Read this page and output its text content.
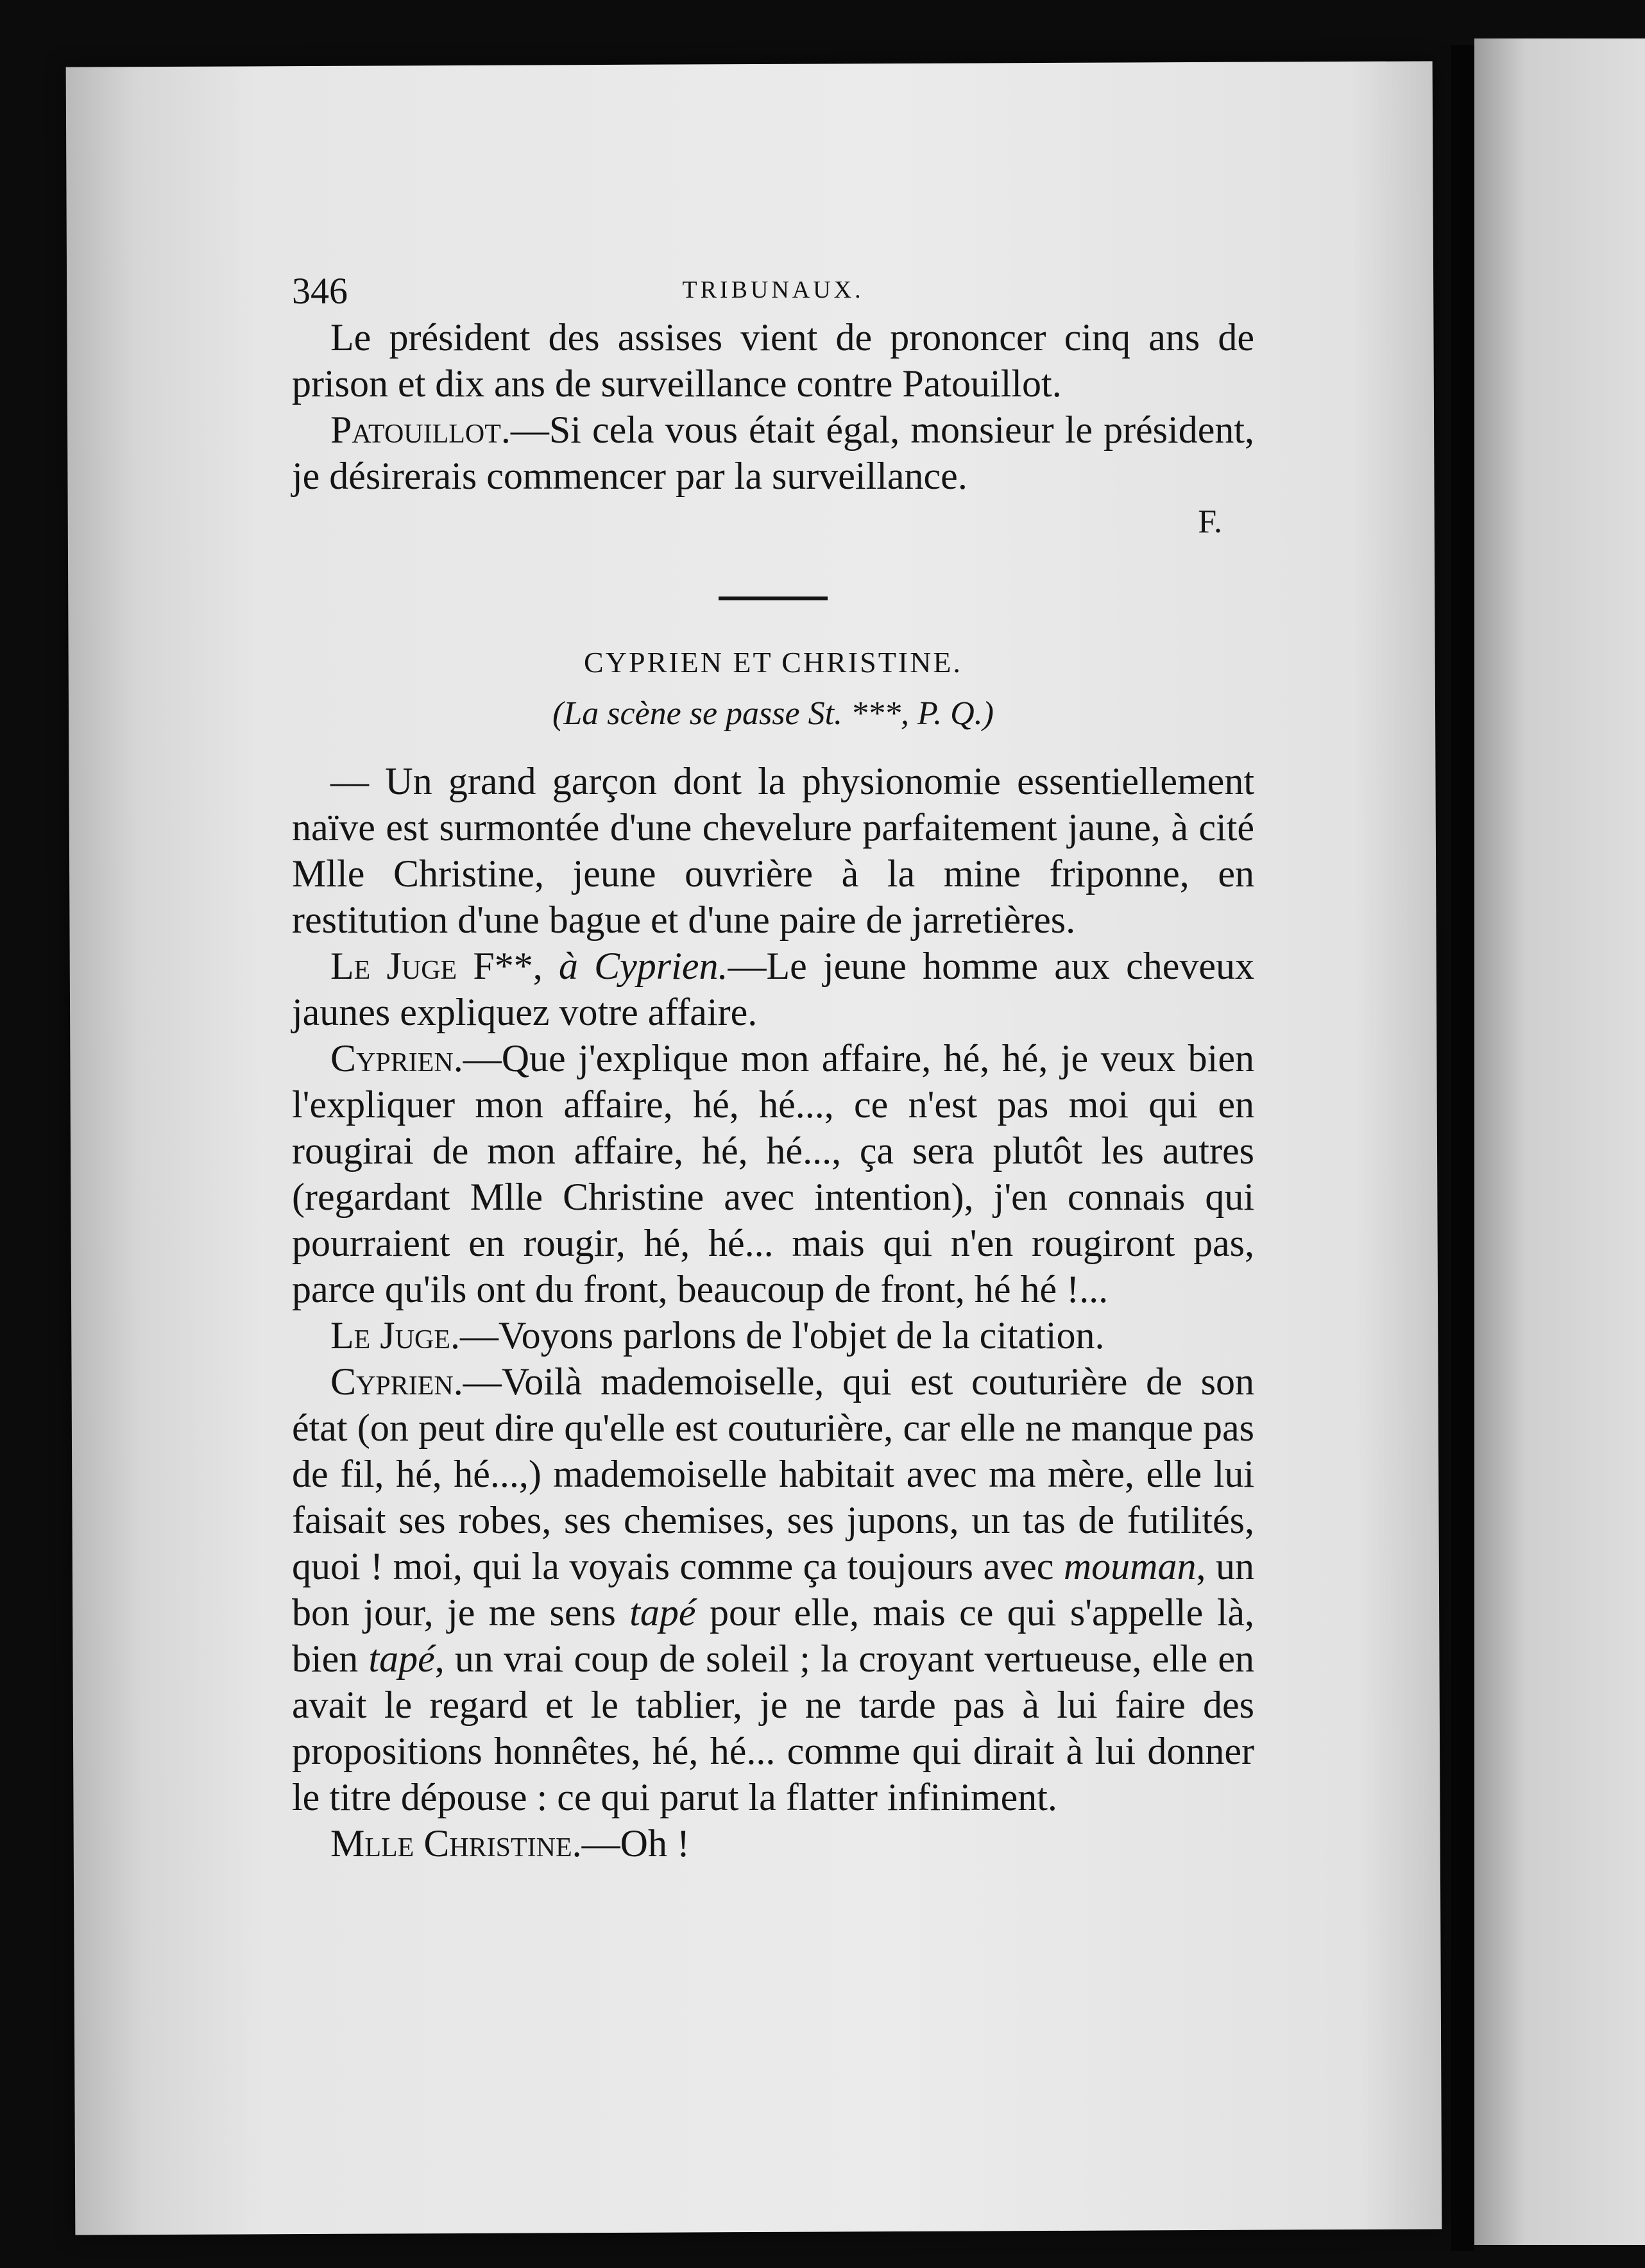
346	TRIBUNAUX.

Le président des assises vient de prononcer cinq ans de prison et dix ans de surveillance contre Patouillot.

Patouillot.—Si cela vous était égal, monsieur le président, je désirerais commencer par la surveillance.

F.
CYPRIEN ET CHRISTINE.
(La scène se passe St. ***, P. Q.)

— Un grand garçon dont la physionomie essentiellement naïve est surmontée d'une chevelure parfaitement jaune, à cité Mlle Christine, jeune ouvrière à la mine friponne, en restitution d'une bague et d'une paire de jarretières.

Le Juge F**, à Cyprien.—Le jeune homme aux cheveux jaunes expliquez votre affaire.

Cyprien.—Que j'explique mon affaire, hé, hé, je veux bien l'expliquer mon affaire, hé, hé..., ce n'est pas moi qui en rougirai de mon affaire, hé, hé..., ça sera plutôt les autres (regardant Mlle Christine avec intention), j'en connais qui pourraient en rougir, hé, hé... mais qui n'en rougiront pas, parce qu'ils ont du front, beaucoup de front, hé hé !...

Le Juge.—Voyons parlons de l'objet de la citation.

Cyprien.—Voilà mademoiselle, qui est couturière de son état (on peut dire qu'elle est couturière, car elle ne manque pas de fil, hé, hé...,) mademoiselle habitait avec ma mère, elle lui faisait ses robes, ses chemises, ses jupons, un tas de futilités, quoi ! moi, qui la voyais comme ça toujours avec mouman, un bon jour, je me sens tapé pour elle, mais ce qui s'appelle là, bien tapé, un vrai coup de soleil ; la croyant vertueuse, elle en avait le regard et le tablier, je ne tarde pas à lui faire des propositions honnêtes, hé, hé... comme qui dirait à lui donner le titre dépouse : ce qui parut la flatter infiniment.

Mlle Christine.—Oh !
